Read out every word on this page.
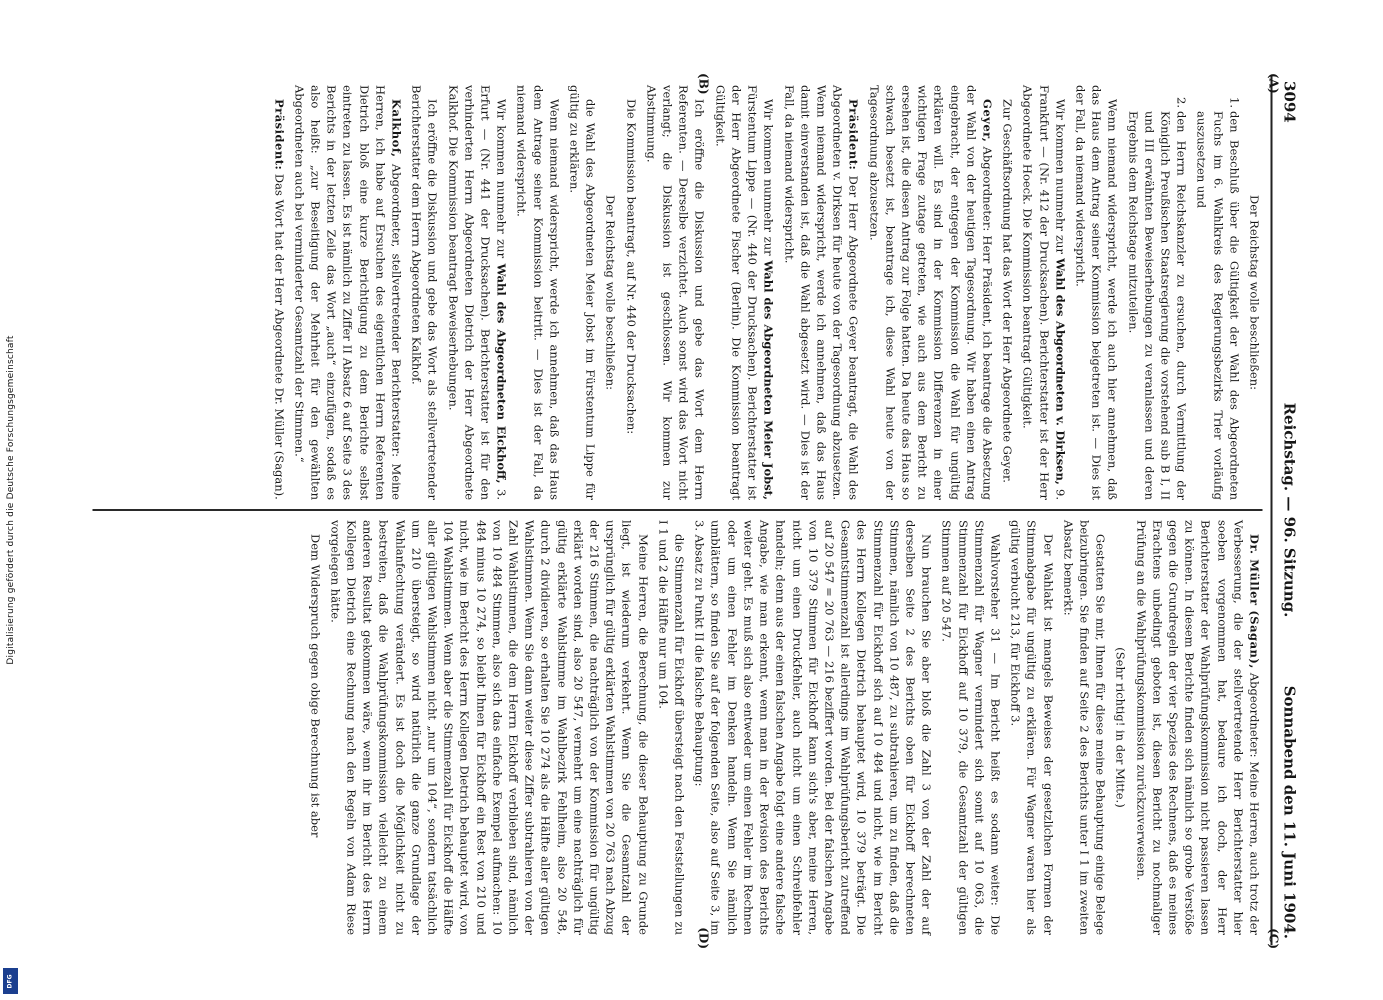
Digitalisierung gefördert durch die Deutsche Forschungsgemeinschaft
DFG
3094
Reichstag. — 96. Sitzung.
Sonnabend den 11. Juni 1904.
(A)
(B)
(C)
(D)

Der Reichstag wolle beschließen:

1.den Beschluß über die Gültigkeit der Wahl des Abgeordneten Fuchs im 6. Wahlkreis des Regierungsbezirks Trier vorläufig auszusetzen und

2.den Herrn Reichskanzler zu ersuchen, durch Vermittlung der Königlich Preußischen Staatsregierung die vorstehend sub B I, II und III erwähnten Beweiserhebungen zu veranlassen und deren Ergebnis dem Reichstage mitzuteilen.

Wenn niemand widerspricht, werde ich auch hier annehmen, daß das Haus dem Antrag seiner Kommission beigetreten ist. — Dies ist der Fall, da niemand widerspricht.

Wir kommen nunmehr zur Wahl des Abgeordneten v. Dirksen, 9. Frankfurt — (Nr. 412 der Drucksachen). Berichterstatter ist der Herr Abgeordnete Hoeck. Die Kommission beantragt Gültigkeit.

Zur Geschäftsordnung hat das Wort der Herr Abgeordnete Geyer.

Geyer, Abgeordneter: Herr Präsident, ich beantrage die Absetzung der Wahl von der heutigen Tagesordnung. Wir haben einen Antrag eingebracht, der entgegen der Kommission die Wahl für ungültig erklären will. Es sind in der Kommission Differenzen in einer wichtigen Frage zutage getreten, wie auch aus dem Bericht zu ersehen ist, die diesen Antrag zur Folge hatten. Da heute das Haus so schwach besetzt ist, beantrage ich, diese Wahl heute von der Tagesordnung abzusetzen.

Präsident: Der Herr Abgeordnete Geyer beantragt, die Wahl des Abgeordneten v. Dirksen für heute von der Tagesordnung abzusetzen. Wenn niemand widerspricht, werde ich annehmen, daß das Haus damit einverstanden ist, daß die Wahl abgesetzt wird. — Dies ist der Fall, da niemand widerspricht.

Wir kommen nunmehr zur Wahl des Abgeordneten Meier Jobst, Fürstentum Lippe — (Nr. 440 der Drucksachen). Berichterstatter ist der Herr Abgeordnete Fischer (Berlin). Die Kommission beantragt Gültigkeit.

Ich eröffne die Diskussion und gebe das Wort dem Herrn Referenten. — Derselbe verzichtet. Auch sonst wird das Wort nicht verlangt; die Diskussion ist geschlossen. Wir kommen zur Abstimmung.

Die Kommission beantragt, auf Nr. 440 der Drucksachen:

Der Reichstag wolle beschließen:

die Wahl des Abgeordneten Meier Jobst im Fürstentum Lippe für gültig zu erklären.

Wenn niemand widerspricht, werde ich annehmen, daß das Haus dem Antrage seiner Kommission beitritt. — Dies ist der Fall, da niemand widerspricht.

Wir kommen nunmehr zur Wahl des Abgeordneten Eickhoff, 3. Erfurt — (Nr. 441 der Drucksachen). Berichterstatter ist für den verhinderten Herrn Abgeordneten Dietrich der Herr Abgeordnete Kalkhof. Die Kommission beantragt Beweiserhebungen.

Ich eröffne die Diskussion und gebe das Wort als stellvertretender Berichterstatter dem Herrn Abgeordneten Kalkhof.

Kalkhof, Abgeordneter, stellvertretender Berichterstatter: Meine Herren, ich habe auf Ersuchen des eigentlichen Herrn Referenten Dietrich bloß eine kurze Berichtigung zu dem Berichte selbst eintreten zu lassen. Es ist nämlich zu Ziffer II Absatz 6 auf Seite 3 des Berichts in der letzten Zeile das Wort „auch“ einzufügen, sodaß es also heißt: „zur Beseitigung der Mehrheit für den gewählten Abgeordneten auch bei verminderter Gesamtzahl der Stimmen.“

Präsident: Das Wort hat der Herr Abgeordnete Dr. Müller (Sagan).

Dr. Müller (Sagan), Abgeordneter: Meine Herren, auch trotz der Verbesserung, die der stellvertretende Herr Berichterstatter hier soeben vorgenommen hat, bedaure ich doch, der Herr Berichterstatter der Wahlprüfungskommission nicht passieren lassen zu können. In diesem Berichte finden sich nämlich so grobe Verstöße gegen die Grundregeln der vier Spezies des Rechnens, daß es meines Erachtens unbedingt geboten ist, diesen Bericht zu nochmaliger Prüfung an die Wahlprüfungskommission zurückzuverweisen.

(Sehr richtig! in der Mitte.)

Gestatten Sie mir, Ihnen für diese meine Behauptung einige Belege beizubringen. Sie finden auf Seite 2 des Berichts unter I 1 im zweiten Absatz bemerkt:

Der Wahlakt ist mangels Beweises der gesetzlichen Formen der Stimmabgabe für ungültig zu erklären. Für Wagner waren hier als gültig verbucht 213, für Eickhoff 3.

Wahlvorsteher 31 — Im Bericht heißt es sodann weiter: Die Stimmenzahl für Wagner vermindert sich somit auf 10 063, die Stimmenzahl für Eickhoff auf 10 379, die Gesamtzahl der gültigen Stimmen auf 20 547.

Nun brauchen Sie aber bloß die Zahl 3 von der Zahl der auf derselben Seite 2 des Berichts oben für Eickhoff berechneten Stimmen, nämlich von 10 487, zu subtrahieren, um zu finden, daß die Stimmenzahl für Eickhoff sich auf 10 484 und nicht, wie im Bericht des Herrn Kollegen Dietrich behauptet wird, 10 379 beträgt. Die Gesamtstimmenzahl ist allerdings im Wahlprüfungsbericht zutreffend auf 20 547 = 20 763 — 216 beziffert worden. Bei der falschen Angabe von 10 379 Stimmen für Eickhoff kann sich's aber, meine Herren, nicht um einen Druckfehler, auch nicht um einen Schreibfehler handeln; denn aus der einen falschen Angabe folgt eine andere falsche Angabe, wie man erkennt, wenn man in der Revision des Berichts weiter geht. Es muß sich also entweder um einen Fehler im Rechnen oder um einen Fehler im Denken handeln. Wenn Sie nämlich umblättern, so finden Sie auf der folgenden Seite, also auf Seite 3, im 3. Absatz zu Punkt II die falsche Behauptung:

die Stimmenzahl für Eickhoff übersteigt nach den Feststellungen zu I 1 und 2 die Hälfte nur um 104.

Meine Herren, die Berechnung, die dieser Behauptung zu Grunde liegt, ist wiederum verkehrt. Wenn Sie die Gesamtzahl der ursprünglich für gültig erklärten Wahlstimmen von 20 763 nach Abzug der 216 Stimmen, die nachträglich von der Kommission für ungültig erklärt worden sind, also 20 547, vermehrt um eine nachträglich für gültig erklärte Wahlstimme im Wahlbezirk Fehlheim, also 20 548, durch 2 dividieren, so erhalten Sie 10 274 als die Hälfte aller gültigen Wahlstimmen. Wenn Sie dann weiter diese Ziffer subtrahieren von der Zahl Wahlstimmen, die dem Herrn Eickhoff verblieben sind, nämlich von 10 484 Stimmen, also sich das einfache Exempel aufmachen: 10 484 minus 10 274, so bleibt Ihnen für Eickhoff ein Rest von 210 und nicht, wie im Bericht des Herrn Kollegen Dietrich behauptet wird, von 104 Wahlstimmen. Wenn aber die Stimmenzahl für Eickhoff die Hälfte aller gültigen Wahlstimmen nicht „nur um 104“, sondern tatsächlich um 210 übersteigt, so wird natürlich die ganze Grundlage der Wahlanfechtung verändert. Es ist doch die Möglichkeit nicht zu bestreiten, daß die Wahlprüfungskommission vielleicht zu einem anderen Resultat gekommen wäre, wenn ihr im Bericht des Herrn Kollegen Dietrich eine Rechnung nach den Regeln von Adam Riese vorgelegen hätte.

Dem Widerspruch gegen obige Berechnung ist aber
